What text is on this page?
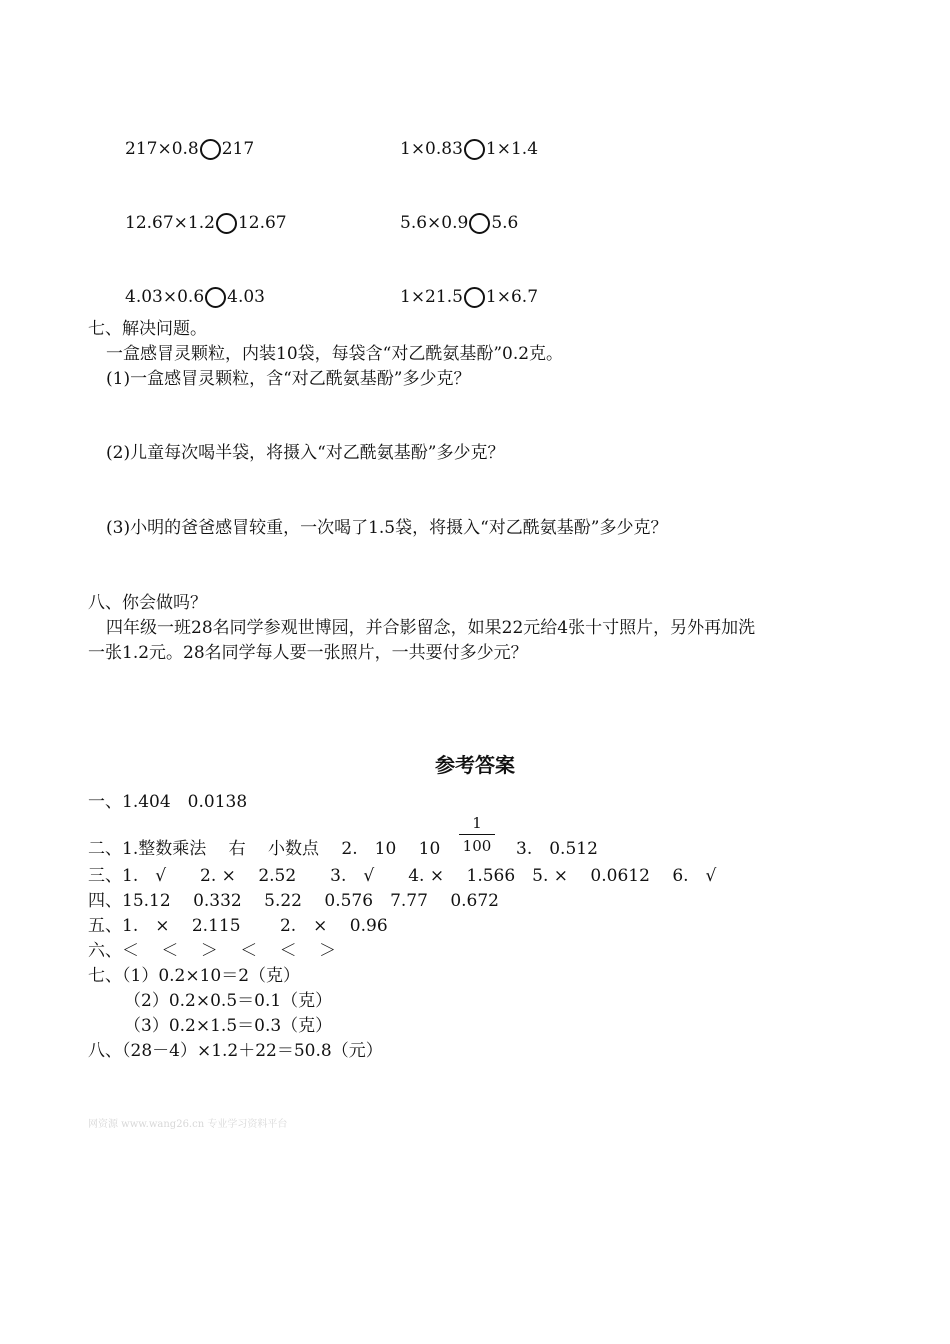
217×0.8 217	1×0.83 1×1.4
12.67×1.2 12.67	5.6×0.9 5.6
4.03×0.6 4.03	1×21.5 1×6.7
七、解决问题。
一盒感冒灵颗粒，内装10袋，每袋含“对乙酰氨基酚”0.2克。
(1)一盒感冒灵颗粒，含“对乙酰氨基酚”多少克？
(2)儿童每次喝半袋，将摄入“对乙酰氨基酚”多少克？
(3)小明的爸爸感冒较重，一次喝了1.5袋，将摄入“对乙酰氨基酚”多少克？
八、你会做吗？
四年级一班28名同学参观世博园，并合影留念，如果22元给4张十寸照片，另外再加洗
一张1.2元。28名同学每人要一张照片，一共要付多少元？
参考答案
一、1.404　0.0138
二、1.整数乘法　 右　 小数点　 2.　10　 10
1
100 3.　0.512
三、1.　√　　2. ×　 2.52　　3.　√　　4. ×　 1.566　5. ×　 0.0612　 6.　√
四、15.12　 0.332　 5.22　 0.576　7.77　 0.672
五、1.　×　 2.115　　 2.　×　 0.96
六、＜　 ＜　 ＞　 ＜　 ＜　 ＞
七、（1）0.2×10＝2（克）
（2）0.2×0.5＝0.1（克）
（3）0.2×1.5＝0.3（克）
八、（28－4）×1.2＋22＝50.8（元）
网资源 www.wang26.cn 专业学习资料平台
